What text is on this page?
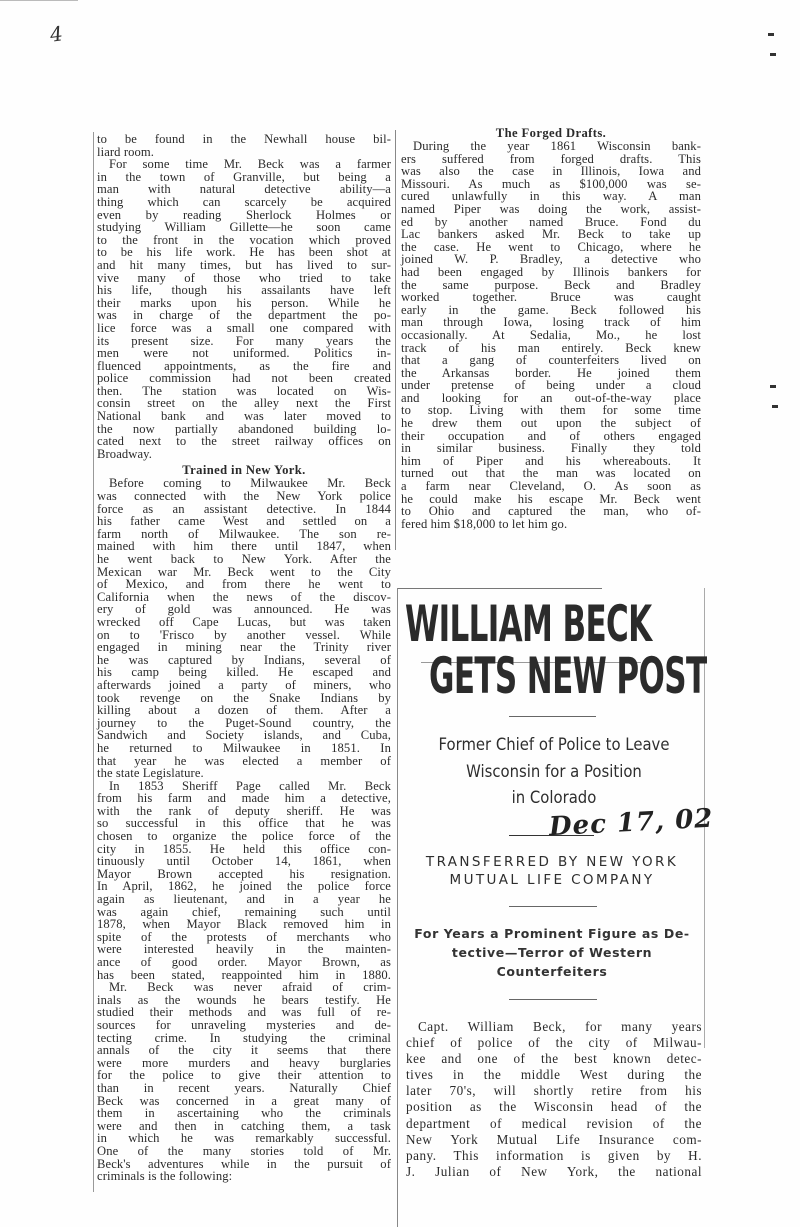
4
to be found in the Newhall house bil-
liard room.
For some time Mr. Beck was a farmer
in the town of Granville, but being a
man with natural detective ability—a
thing which can scarcely be acquired
even by reading Sherlock Holmes or
studying William Gillette—he soon came
to the front in the vocation which proved
to be his life work. He has been shot at
and hit many times, but has lived to sur-
vive many of those who tried to take
his life, though his assailants have left
their marks upon his person. While he
was in charge of the department the po-
lice force was a small one compared with
its present size. For many years the
men were not uniformed. Politics in-
fluenced appointments, as the fire and
police commission had not been created
then. The station was located on Wis-
consin street on the alley next the First
National bank and was later moved to
the now partially abandoned building lo-
cated next to the street railway offices on
Broadway.
Trained in New York.
Before coming to Milwaukee Mr. Beck
was connected with the New York police
force as an assistant detective. In 1844
his father came West and settled on a
farm north of Milwaukee. The son re-
mained with him there until 1847, when
he went back to New York. After the
Mexican war Mr. Beck went to the City
of Mexico, and from there he went to
California when the news of the discov-
ery of gold was announced. He was
wrecked off Cape Lucas, but was taken
on to 'Frisco by another vessel. While
engaged in mining near the Trinity river
he was captured by Indians, several of
his camp being killed. He escaped and
afterwards joined a party of miners, who
took revenge on the Snake Indians by
killing about a dozen of them. After a
journey to the Puget-Sound country, the
Sandwich and Society islands, and Cuba,
he returned to Milwaukee in 1851. In
that year he was elected a member of
the state Legislature.
In 1853 Sheriff Page called Mr. Beck
from his farm and made him a detective,
with the rank of deputy sheriff. He was
so successful in this office that he was
chosen to organize the police force of the
city in 1855. He held this office con-
tinuously until October 14, 1861, when
Mayor Brown accepted his resignation.
In April, 1862, he joined the police force
again as lieutenant, and in a year he
was again chief, remaining such until
1878, when Mayor Black removed him in
spite of the protests of merchants who
were interested heavily in the mainten-
ance of good order. Mayor Brown, as
has been stated, reappointed him in 1880.
Mr. Beck was never afraid of crim-
inals as the wounds he bears testify. He
studied their methods and was full of re-
sources for unraveling mysteries and de-
tecting crime. In studying the criminal
annals of the city it seems that there
were more murders and heavy burglaries
for the police to give their attention to
than in recent years. Naturally Chief
Beck was concerned in a great many of
them in ascertaining who the criminals
were and then in catching them, a task
in which he was remarkably successful.
One of the many stories told of Mr.
Beck's adventures while in the pursuit of
criminals is the following:
The Forged Drafts.
During the year 1861 Wisconsin bank-
ers suffered from forged drafts. This
was also the case in Illinois, Iowa and
Missouri. As much as $100,000 was se-
cured unlawfully in this way. A man
named Piper was doing the work, assist-
ed by another named Bruce. Fond du
Lac bankers asked Mr. Beck to take up
the case. He went to Chicago, where he
joined W. P. Bradley, a detective who
had been engaged by Illinois bankers for
the same purpose. Beck and Bradley
worked together. Bruce was caught
early in the game. Beck followed his
man through Iowa, losing track of him
occasionally. At Sedalia, Mo., he lost
track of his man entirely. Beck knew
that a gang of counterfeiters lived on
the Arkansas border. He joined them
under pretense of being under a cloud
and looking for an out-of-the-way place
to stop. Living with them for some time
he drew them out upon the subject of
their occupation and of others engaged
in similar business. Finally they told
him of Piper and his whereabouts. It
turned out that the man was located on
a farm near Cleveland, O. As soon as
he could make his escape Mr. Beck went
to Ohio and captured the man, who of-
fered him $18,000 to let him go.
WILLIAM BECK
GETS NEW POST
Former Chief of Police to Leave
Wisconsin for a Position
in Colorado
Dec 17, 02
TRANSFERRED BY NEW YORK
MUTUAL LIFE COMPANY
For Years a Prominent Figure as De-
tective—Terror of Western
Counterfeiters
Capt. William Beck, for many years
chief of police of the city of Milwau-
kee and one of the best known detec-
tives in the middle West during the
later 70's, will shortly retire from his
position as the Wisconsin head of the
department of medical revision of the
New York Mutual Life Insurance com-
pany. This information is given by H.
J. Julian of New York, the national
